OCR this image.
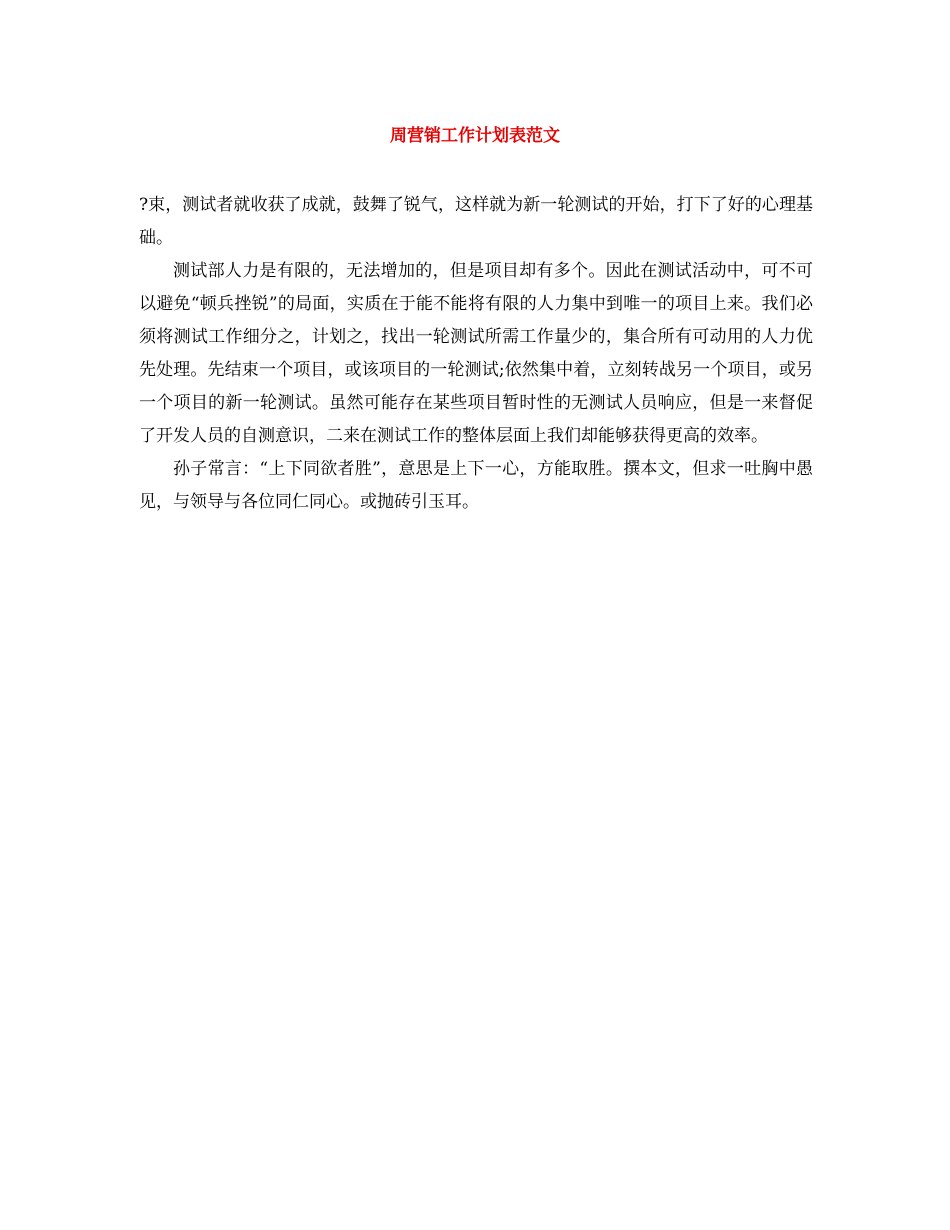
周营销工作计划表范文

?束，测试者就收获了成就，鼓舞了锐气，这样就为新一轮测试的开始，打下了好的心理基础。

测试部人力是有限的，无法增加的，但是项目却有多个。因此在测试活动中，可不可以避免“顿兵挫锐”的局面，实质在于能不能将有限的人力集中到唯一的项目上来。我们必须将测试工作细分之，计划之，找出一轮测试所需工作量少的，集合所有可动用的人力优先处理。先结束一个项目，或该项目的一轮测试;依然集中着，立刻转战另一个项目，或另一个项目的新一轮测试。虽然可能存在某些项目暂时性的无测试人员响应，但是一来督促了开发人员的自测意识，二来在测试工作的整体层面上我们却能够获得更高的效率。

孙子常言：“上下同欲者胜”，意思是上下一心，方能取胜。撰本文，但求一吐胸中愚见，与领导与各位同仁同心。或抛砖引玉耳。
